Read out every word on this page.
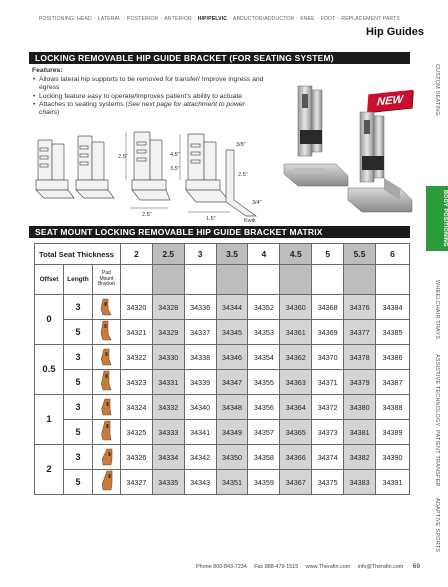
POSITIONING: HEAD - LATERAL - POSTERIOR - ANTERIOR - HIP/PELVIC - ABDUCTOR/ADDUCTOR - KNEE - FOOT - REPLACEMENT PARTS
Hip Guides
LOCKING REMOVABLE HIP GUIDE BRACKET (FOR SEATING SYSTEM)
Features:
• Allows lateral hip supports to be removed for transfer/ Improve ingress and egress
• Locking feature easy to operate/Improves patient's ability to actuate
• Attaches to seating systems (See next page for attachment to power chairs)
NEW
2.5"	4.5"
3.5"
2.5"
1.5"
3/8"
2.5"
3/4"
Kwik
CUSTOM SEATING
BODY POSITIONING
WHEELCHAIR TRAYS
ASSISTIVE TECHNOLOGY
PATIENT TRANSFER
ADAPTIVE SPORTS
SEAT MOUNT LOCKING REMOVABLE HIP GUIDE BRACKET MATRIX
Total Seat Thickness			2	2.5	3	3.5	4	4.5	5	5.5	6
Offset	Length	Pad
Mount
Bracket									
0	3		34320	34328	34336	34344	34352	34360	34368	34376	34384
	5		34321	34329	34337	34345	34353	34361	34369	34377	34385
0.5	3		34322	34330	34338	34346	34354	34362	34370	34378	34386
	5		34323	34331	34339	34347	34355	34363	34371	34379	34387
1	3		34324	34332	34340	34348	34356	34364	34372	34380	34388
	5		34325	34333	34341	34349	34357	34365	34373	34381	34389
2	3		34326	34334	34342	34350	34358	34366	34374	34382	34390
	5		34327	34335	34343	34351	34359	34367	34375	34383	34391
Phone 800-843-7234 Fax 888-479-1515 www.Therafin.com info@Therafin.com 69
